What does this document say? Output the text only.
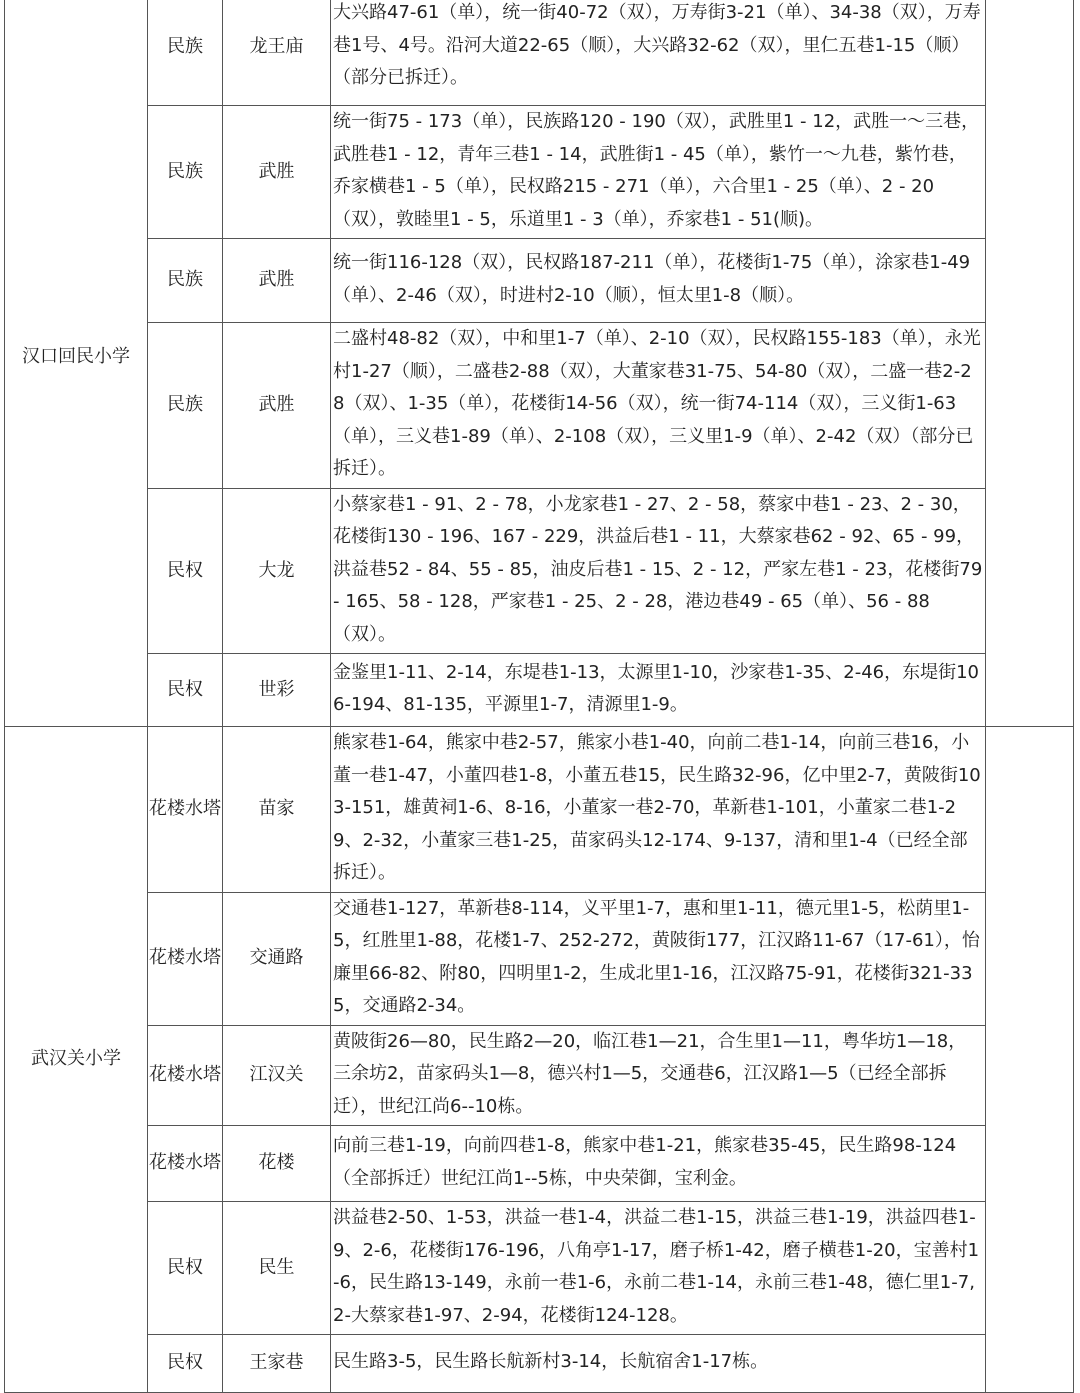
汉口回民小学	民族	龙王庙	大兴路47-61（单），统一街40-72（双），万寿街3-21（单）、34-38（双），万寿巷1号、4号。沿河大道22-65（顺），大兴路32-62（双），里仁五巷1-15（顺）（部分已拆迁）。	
	民族	武胜	统一街75 - 173（单），民族路120 - 190（双），武胜里1 - 12，武胜一～三巷，武胜巷1 - 12，青年三巷1 - 14，武胜街1 - 45（单），紫竹一～九巷，紫竹巷，乔家横巷1 - 5（单），民权路215 - 271（单），六合里1 - 25（单）、2 - 20（双），敦睦里1 - 5，乐道里1 - 3（单），乔家巷1 - 51(顺)。	
	民族	武胜	统一街116-128（双），民权路187-211（单），花楼街1-75（单），涂家巷1-49（单）、2-46（双），时进村2-10（顺），恒太里1-8（顺）。	
	民族	武胜	二盛村48-82（双），中和里1-7（单）、2-10（双），民权路155-183（单），永光村1-27（顺），二盛巷2-88（双），大董家巷31-75、54-80（双），二盛一巷2-28（双）、1-35（单），花楼街14-56（双），统一街74-114（双），三义街1-63（单），三义巷1-89（单）、2-108（双），三义里1-9（单）、2-42（双）（部分已拆迁）。	
	民权	大龙	小蔡家巷1 - 91、2 - 78，小龙家巷1 - 27、2 - 58，蔡家中巷1 - 23、2 - 30，花楼街130 - 196、167 - 229，洪益后巷1 - 11，大蔡家巷62 - 92、65 - 99，洪益巷52 - 84、55 - 85，油皮后巷1 - 15、2 - 12，严家左巷1 - 23，花楼街79 - 165、58 - 128，严家巷1 - 25、2 - 28，港边巷49 - 65（单）、56 - 88（双）。	
	民权	世彩	金鉴里1-11、2-14，东堤巷1-13，太源里1-10，沙家巷1-35、2-46，东堤街106-194、81-135，平源里1-7，清源里1-9。	
武汉关小学	花楼水塔	苗家	熊家巷1-64，熊家中巷2-57，熊家小巷1-40，向前二巷1-14，向前三巷16，小董一巷1-47，小董四巷1-8，小董五巷15，民生路32-96，亿中里2-7，黄陂街103-151，雄黄祠1-6、8-16，小董家一巷2-70，革新巷1-101，小董家二巷1-29、2-32，小董家三巷1-25，苗家码头12-174、9-137，清和里1-4（已经全部拆迁）。	
	花楼水塔	交通路	交通巷1-127，革新巷8-114，义平里1-7，惠和里1-11，德元里1-5，松荫里1-5，红胜里1-88，花楼1-7、252-272，黄陂街177，江汉路11-67（17-61），怡廉里66-82、附80，四明里1-2，生成北里1-16，江汉路75-91，花楼街321-335，交通路2-34。	
	花楼水塔	江汉关	黄陂街26—80，民生路2—20，临江巷1—21，合生里1—11，粤华坊1—18，三余坊2，苗家码头1—8，德兴村1—5，交通巷6，江汉路1—5（已经全部拆迁），世纪江尚6--10栋。	
	花楼水塔	花楼	向前三巷1-19，向前四巷1-8，熊家中巷1-21，熊家巷35-45，民生路98-124（全部拆迁）世纪江尚1--5栋，中央荣御，宝利金。	
	民权	民生	洪益巷2-50、1-53，洪益一巷1-4，洪益二巷1-15，洪益三巷1-19，洪益四巷1-9、2-6，花楼街176-196，八角亭1-17，磨子桥1-42，磨子横巷1-20，宝善村1-6，民生路13-149，永前一巷1-6，永前二巷1-14，永前三巷1-48，德仁里1-7,2-大蔡家巷1-97、2-94，花楼街124-128。	
	民权	王家巷	民生路3-5，民生路长航新村3-14，长航宿舍1-17栋。	
